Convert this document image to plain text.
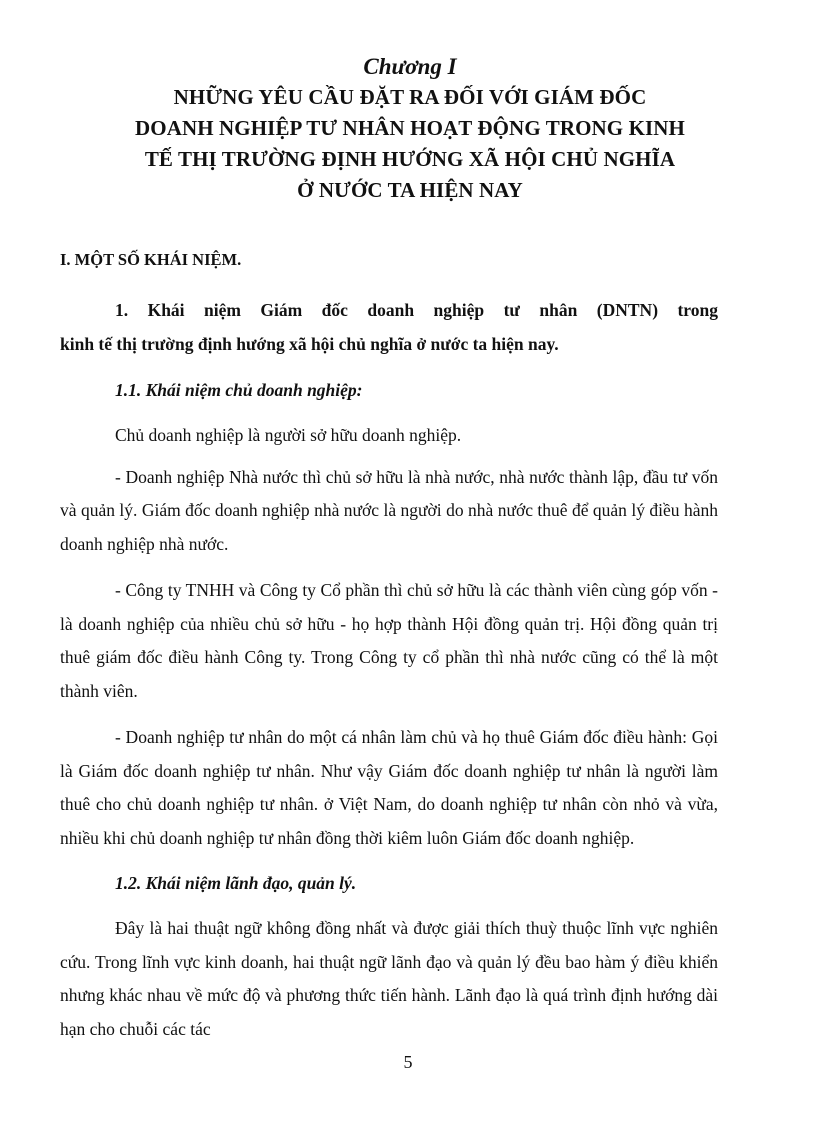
Chương I
NHỮNG YÊU CẦU ĐẶT RA ĐỐI VỚI GIÁM ĐỐC
DOANH NGHIỆP TƯ NHÂN HOẠT ĐỘNG TRONG KINH
TẾ THỊ TRƯỜNG ĐỊNH HƯỚNG XÃ HỘI CHỦ NGHĨA
Ở NƯỚC TA HIỆN NAY
I. MỘT SỐ KHÁI NIỆM.
1. Khái niệm Giám đốc doanh nghiệp tư nhân (DNTN) trong
kinh tế thị trường định hướng xã hội chủ nghĩa ở nước ta hiện nay.
1.1. Khái niệm chủ doanh nghiệp:

Chủ doanh nghiệp là người sở hữu doanh nghiệp.

- Doanh nghiệp Nhà nước thì chủ sở hữu là nhà nước, nhà nước thành lập, đầu tư vốn và quản lý. Giám đốc doanh nghiệp nhà nước là người do nhà nước thuê để quản lý điều hành doanh nghiệp nhà nước.

- Công ty TNHH và Công ty Cổ phần thì chủ sở hữu là các thành viên cùng góp vốn - là doanh nghiệp của nhiều chủ sở hữu - họ hợp thành Hội đồng quản trị. Hội đồng quản trị thuê giám đốc điều hành Công ty. Trong Công ty cổ phần thì nhà nước cũng có thể là một thành viên.

- Doanh nghiệp tư nhân do một cá nhân làm chủ và họ thuê Giám đốc điều hành: Gọi là Giám đốc doanh nghiệp tư nhân. Như vậy Giám đốc doanh nghiệp tư nhân là người làm thuê cho chủ doanh nghiệp tư nhân. ở Việt Nam, do doanh nghiệp tư nhân còn nhỏ và vừa, nhiều khi chủ doanh nghiệp tư nhân đồng thời kiêm luôn Giám đốc doanh nghiệp.

1.2. Khái niệm lãnh đạo, quản lý.

Đây là hai thuật ngữ không đồng nhất và được giải thích thuỳ thuộc lĩnh vực nghiên cứu. Trong lĩnh vực kinh doanh, hai thuật ngữ lãnh đạo và quản lý đều bao hàm ý điều khiển nhưng khác nhau về mức độ và phương thức tiến hành. Lãnh đạo là quá trình định hướng dài hạn cho chuỗi các tác

5
